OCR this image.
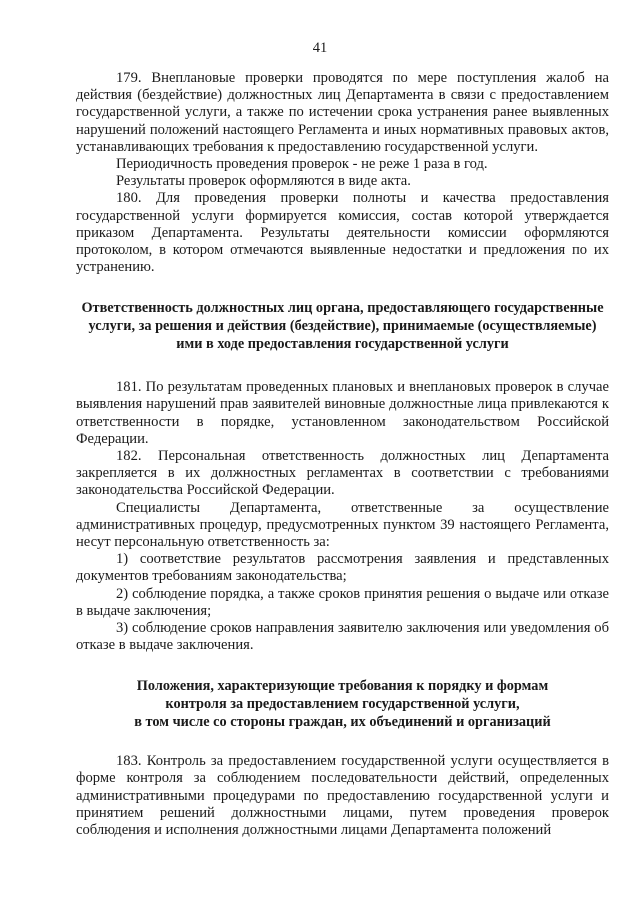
41

179. Внеплановые проверки проводятся по мере поступления жалоб на действия (бездействие) должностных лиц Департамента в связи с предоставлением государственной услуги, а также по истечении срока устранения ранее выявленных нарушений положений настоящего Регламента и иных нормативных правовых актов, устанавливающих требования к предоставлению государственной услуги.

Периодичность проведения проверок - не реже 1 раза в год.

Результаты проверок оформляются в виде акта.

180. Для проведения проверки полноты и качества предоставления государственной услуги формируется комиссия, состав которой утверждается приказом Департамента. Результаты деятельности комиссии оформляются протоколом, в котором отмечаются выявленные недостатки и предложения по их устранению.

Ответственность должностных лиц органа, предоставляющего государственные услуги, за решения и действия (бездействие), принимаемые (осуществляемые) ими в ходе предоставления государственной услуги

181. По результатам проведенных плановых и внеплановых проверок в случае выявления нарушений прав заявителей виновные должностные лица привлекаются к ответственности в порядке, установленном законодательством Российской Федерации.

182. Персональная ответственность должностных лиц Департамента закрепляется в их должностных регламентах в соответствии с требованиями законодательства Российской Федерации.

Специалисты Департамента, ответственные за осуществление административных процедур, предусмотренных пунктом 39 настоящего Регламента, несут персональную ответственность за:

1) соответствие результатов рассмотрения заявления и представленных документов требованиям законодательства;

2) соблюдение порядка, а также сроков принятия решения о выдаче или отказе в выдаче заключения;

3) соблюдение сроков направления заявителю заключения или уведомления об отказе в выдаче заключения.

Положения, характеризующие требования к порядку и формам

контроля за предоставлением государственной услуги,

в том числе со стороны граждан, их объединений и организаций

183. Контроль за предоставлением государственной услуги осуществляется в форме контроля за соблюдением последовательности действий, определенных административными процедурами по предоставлению государственной услуги и принятием решений должностными лицами, путем проведения проверок соблюдения и исполнения должностными лицами Департамента положений
